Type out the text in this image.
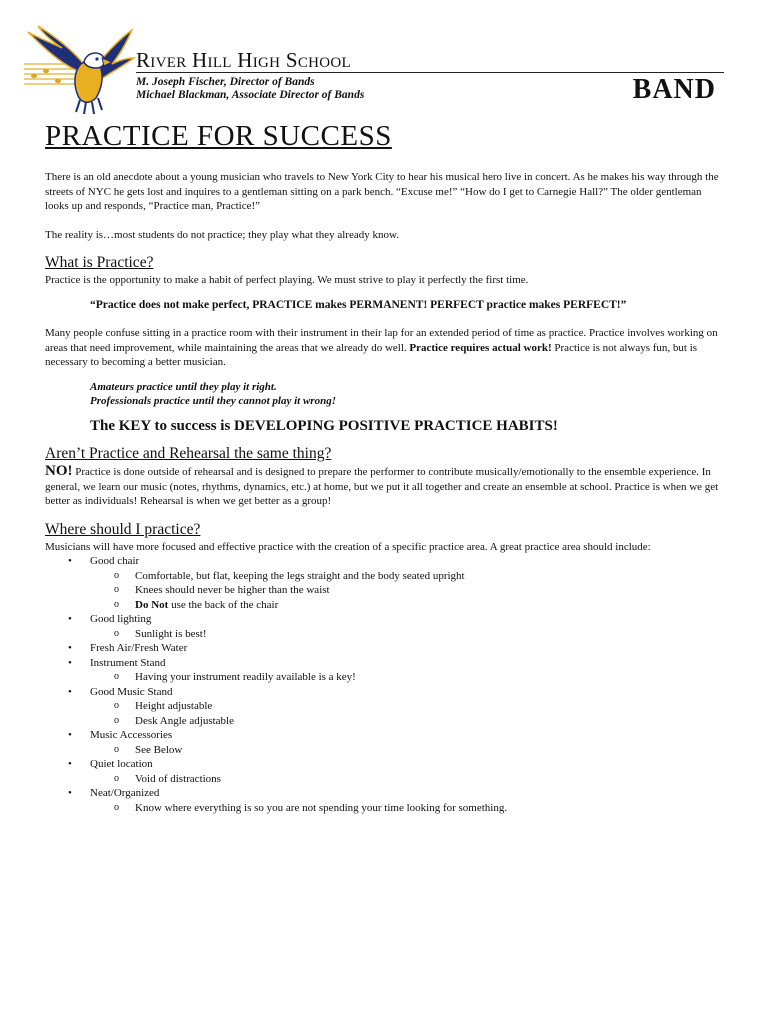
River Hill High School
M. Joseph Fischer, Director of Bands
Michael Blackman, Associate Director of Bands	BAND
PRACTICE FOR SUCCESS

There is an old anecdote about a young musician who travels to New York City to hear his musical hero live in concert. As he makes his way through the streets of NYC he gets lost and inquires to a gentleman sitting on a park bench. “Excuse me!” “How do I get to Carnegie Hall?” The older gentleman looks up and responds, “Practice man, Practice!”

The reality is…most students do not practice; they play what they already know.

What is Practice?

Practice is the opportunity to make a habit of perfect playing. We must strive to play it perfectly the first time.

“Practice does not make perfect, PRACTICE makes PERMANENT! PERFECT practice makes PERFECT!”

Many people confuse sitting in a practice room with their instrument in their lap for an extended period of time as practice. Practice involves working on areas that need improvement, while maintaining the areas that we already do well. Practice requires actual work! Practice is not always fun, but is necessary to becoming a better musician.

Amateurs practice until they play it right.
Professionals practice until they cannot play it wrong!

The KEY to success is DEVELOPING POSITIVE PRACTICE HABITS!

Aren’t Practice and Rehearsal the same thing?

NO! Practice is done outside of rehearsal and is designed to prepare the performer to contribute musically/emotionally to the ensemble experience. In general, we learn our music (notes, rhythms, dynamics, etc.) at home, but we put it all together and create an ensemble at school. Practice is when we get better as individuals! Rehearsal is when we get better as a group!

Where should I practice?

Musicians will have more focused and effective practice with the creation of a specific practice area. A great practice area should include:

• Good chair
o Comfortable, but flat, keeping the legs straight and the body seated upright
o Knees should never be higher than the waist
o Do Not use the back of the chair
• Good lighting
o Sunlight is best!
• Fresh Air/Fresh Water
• Instrument Stand
o Having your instrument readily available is a key!
• Good Music Stand
o Height adjustable
o Desk Angle adjustable
• Music Accessories
o See Below
• Quiet location
o Void of distractions
• Neat/Organized
o Know where everything is so you are not spending your time looking for something.
